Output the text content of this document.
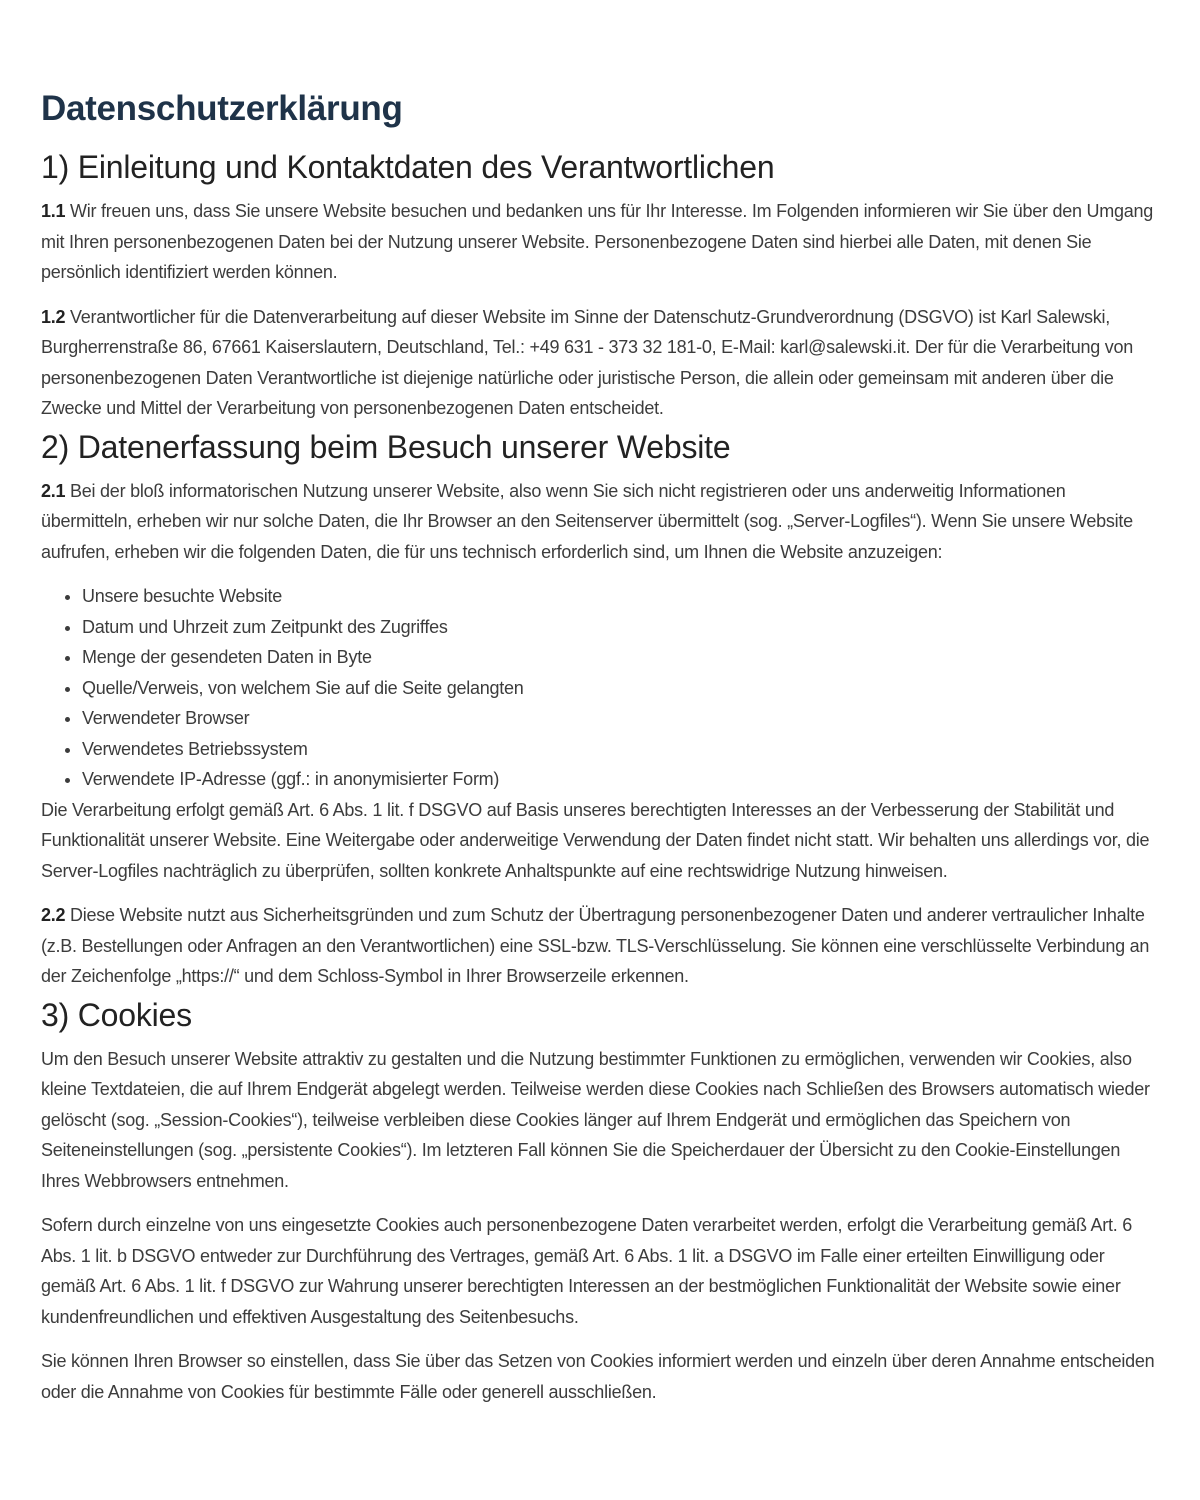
Datenschutzerklärung
1) Einleitung und Kontaktdaten des Verantwortlichen

1.1 Wir freuen uns, dass Sie unsere Website besuchen und bedanken uns für Ihr Interesse. Im Folgenden informieren wir Sie über den Umgang mit Ihren personenbezogenen Daten bei der Nutzung unserer Website. Personenbezogene Daten sind hierbei alle Daten, mit denen Sie persönlich identifiziert werden können.

1.2 Verantwortlicher für die Datenverarbeitung auf dieser Website im Sinne der Datenschutz-Grundverordnung (DSGVO) ist Karl Salewski, Burgherrenstraße 86, 67661 Kaiserslautern, Deutschland, Tel.: +49 631 - 373 32 181-0, E-Mail: karl@salewski.it. Der für die Verarbeitung von personenbezogenen Daten Verantwortliche ist diejenige natürliche oder juristische Person, die allein oder gemeinsam mit anderen über die Zwecke und Mittel der Verarbeitung von personenbezogenen Daten entscheidet.

2) Datenerfassung beim Besuch unserer Website

2.1 Bei der bloß informatorischen Nutzung unserer Website, also wenn Sie sich nicht registrieren oder uns anderweitig Informationen übermitteln, erheben wir nur solche Daten, die Ihr Browser an den Seitenserver übermittelt (sog. „Server-Logfiles“). Wenn Sie unsere Website aufrufen, erheben wir die folgenden Daten, die für uns technisch erforderlich sind, um Ihnen die Website anzuzeigen:

• Unsere besuchte Website
• Datum und Uhrzeit zum Zeitpunkt des Zugriffes
• Menge der gesendeten Daten in Byte
• Quelle/Verweis, von welchem Sie auf die Seite gelangten
• Verwendeter Browser
• Verwendetes Betriebssystem
• Verwendete IP-Adresse (ggf.: in anonymisierter Form)

Die Verarbeitung erfolgt gemäß Art. 6 Abs. 1 lit. f DSGVO auf Basis unseres berechtigten Interesses an der Verbesserung der Stabilität und Funktionalität unserer Website. Eine Weitergabe oder anderweitige Verwendung der Daten findet nicht statt. Wir behalten uns allerdings vor, die Server-Logfiles nachträglich zu überprüfen, sollten konkrete Anhaltspunkte auf eine rechtswidrige Nutzung hinweisen.

2.2 Diese Website nutzt aus Sicherheitsgründen und zum Schutz der Übertragung personenbezogener Daten und anderer vertraulicher Inhalte (z.B. Bestellungen oder Anfragen an den Verantwortlichen) eine SSL-bzw. TLS-Verschlüsselung. Sie können eine verschlüsselte Verbindung an der Zeichenfolge „https://“ und dem Schloss-Symbol in Ihrer Browserzeile erkennen.

3) Cookies

Um den Besuch unserer Website attraktiv zu gestalten und die Nutzung bestimmter Funktionen zu ermöglichen, verwenden wir Cookies, also kleine Textdateien, die auf Ihrem Endgerät abgelegt werden. Teilweise werden diese Cookies nach Schließen des Browsers automatisch wieder gelöscht (sog. „Session-Cookies“), teilweise verbleiben diese Cookies länger auf Ihrem Endgerät und ermöglichen das Speichern von Seiteneinstellungen (sog. „persistente Cookies“). Im letzteren Fall können Sie die Speicherdauer der Übersicht zu den Cookie-Einstellungen Ihres Webbrowsers entnehmen.

Sofern durch einzelne von uns eingesetzte Cookies auch personenbezogene Daten verarbeitet werden, erfolgt die Verarbeitung gemäß Art. 6 Abs. 1 lit. b DSGVO entweder zur Durchführung des Vertrages, gemäß Art. 6 Abs. 1 lit. a DSGVO im Falle einer erteilten Einwilligung oder gemäß Art. 6 Abs. 1 lit. f DSGVO zur Wahrung unserer berechtigten Interessen an der bestmöglichen Funktionalität der Website sowie einer kundenfreundlichen und effektiven Ausgestaltung des Seitenbesuchs.

Sie können Ihren Browser so einstellen, dass Sie über das Setzen von Cookies informiert werden und einzeln über deren Annahme entscheiden oder die Annahme von Cookies für bestimmte Fälle oder generell ausschließen.
